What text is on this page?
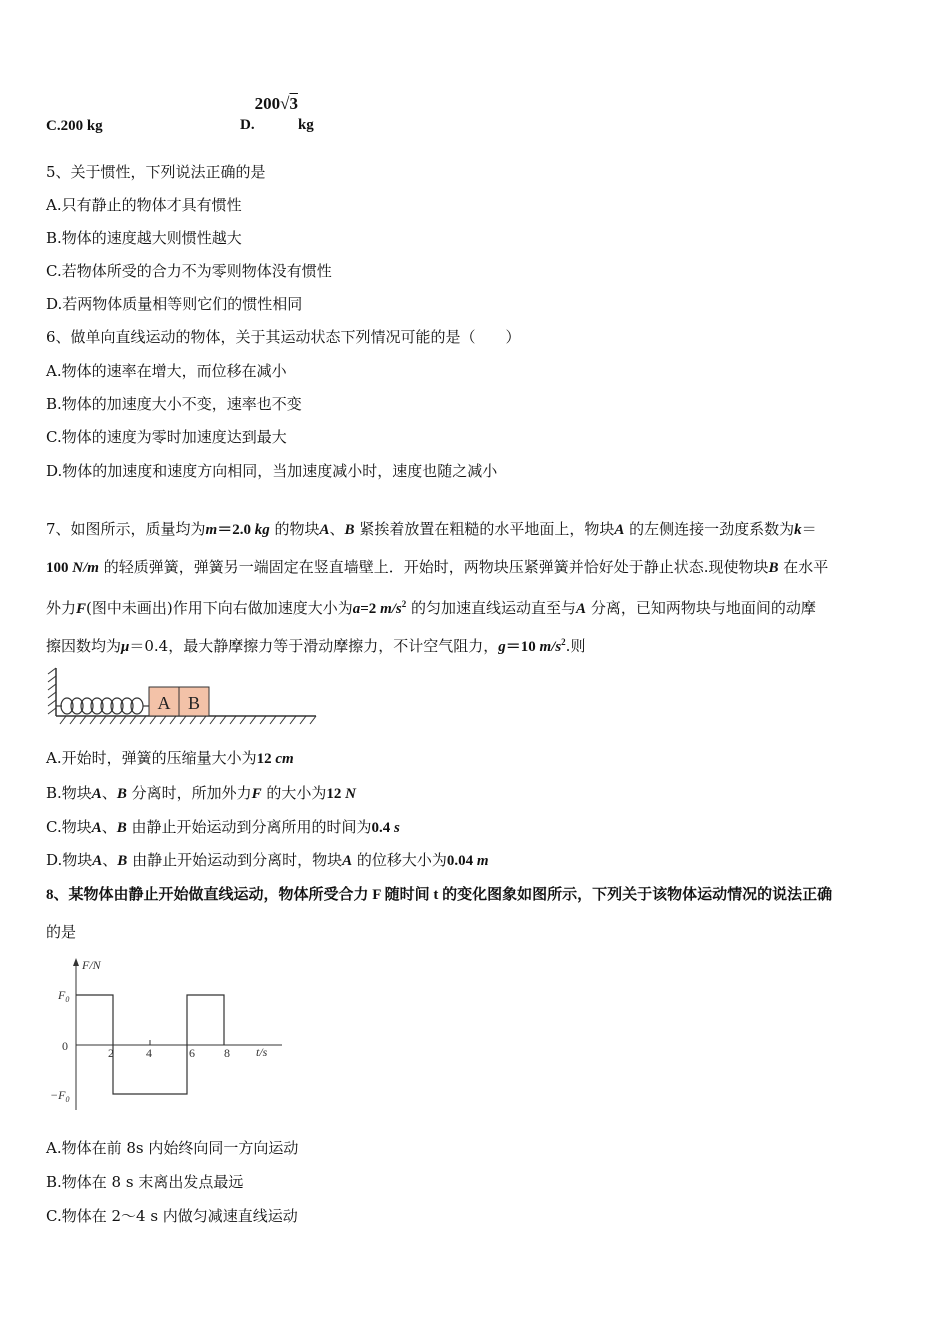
C.200 kg	D.200√3kg
5、关于惯性，下列说法正确的是
A.只有静止的物体才具有惯性
B.物体的速度越大则惯性越大
C.若物体所受的合力不为零则物体没有惯性
D.若两物体质量相等则它们的惯性相同
6、做单向直线运动的物体，关于其运动状态下列情况可能的是（　　）
A.物体的速率在增大，而位移在减小
B.物体的加速度大小不变，速率也不变
C.物体的速度为零时加速度达到最大
D.物体的加速度和速度方向相同，当加速度减小时，速度也随之减小
7、如图所示，质量均为m＝2.0 kg 的物块A、B 紧挨着放置在粗糙的水平地面上，物块A 的左侧连接一劲度系数为k＝
100 N/m 的轻质弹簧，弹簧另一端固定在竖直墙壁上．开始时，两物块压紧弹簧并恰好处于静止状态.现使物块B 在水平
外力F(图中未画出)作用下向右做加速度大小为a=2 $m/s^2$ 的匀加速直线运动直至与A 分离，已知两物块与地面间的动摩
擦因数均为μ＝0.4，最大静摩擦力等于滑动摩擦力，不计空气阻力，g＝10 $m/s^2$.则
A B
A.开始时，弹簧的压缩量大小为12 cm
B.物块A、B 分离时，所加外力F 的大小为12 N
C.物块A、B 由静止开始运动到分离所用的时间为0.4 s
D.物块A、B 由静止开始运动到分离时，物块A 的位移大小为0.04 m
8、某物体由静止开始做直线运动，物体所受合力 F 随时间 t 的变化图象如图所示，下列关于该物体运动情况的说法正确
的是
F/N
t/s
$F_0$
$-F_0$
0	2	4	6 8
A.物体在前 8s 内始终向同一方向运动
B.物体在 8 s 末离出发点最远
C.物体在 2～4 s 内做匀减速直线运动
